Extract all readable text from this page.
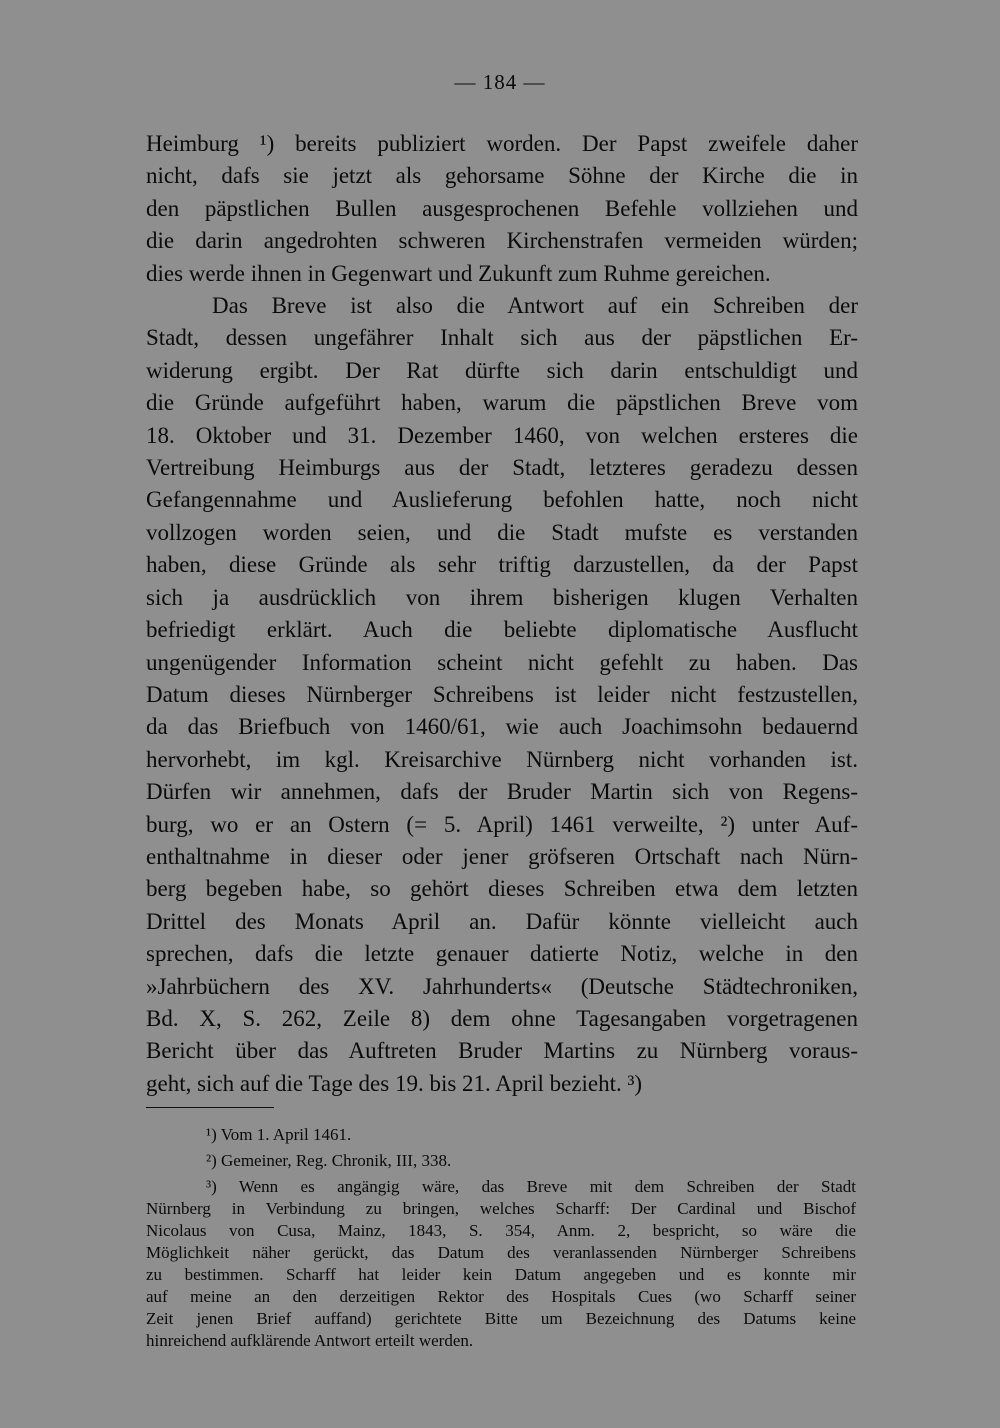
— 184 —
Heimburg ¹) bereits publiziert worden. Der Papst zweifele daher
nicht, dafs sie jetzt als gehorsame Söhne der Kirche die in
den päpstlichen Bullen ausgesprochenen Befehle vollziehen und
die darin angedrohten schweren Kirchenstrafen vermeiden würden;
dies werde ihnen in Gegenwart und Zukunft zum Ruhme gereichen.
Das Breve ist also die Antwort auf ein Schreiben der
Stadt, dessen ungefährer Inhalt sich aus der päpstlichen Er-
widerung ergibt. Der Rat dürfte sich darin entschuldigt und
die Gründe aufgeführt haben, warum die päpstlichen Breve vom
18. Oktober und 31. Dezember 1460, von welchen ersteres die
Vertreibung Heimburgs aus der Stadt, letzteres geradezu dessen
Gefangennahme und Auslieferung befohlen hatte, noch nicht
vollzogen worden seien, und die Stadt mufste es verstanden
haben, diese Gründe als sehr triftig darzustellen, da der Papst
sich ja ausdrücklich von ihrem bisherigen klugen Verhalten
befriedigt erklärt. Auch die beliebte diplomatische Ausflucht
ungenügender Information scheint nicht gefehlt zu haben. Das
Datum dieses Nürnberger Schreibens ist leider nicht festzustellen,
da das Briefbuch von 1460/61, wie auch Joachimsohn bedauernd
hervorhebt, im kgl. Kreisarchive Nürnberg nicht vorhanden ist.
Dürfen wir annehmen, dafs der Bruder Martin sich von Regens-
burg, wo er an Ostern (= 5. April) 1461 verweilte, ²) unter Auf-
enthaltnahme in dieser oder jener gröfseren Ortschaft nach Nürn-
berg begeben habe, so gehört dieses Schreiben etwa dem letzten
Drittel des Monats April an. Dafür könnte vielleicht auch
sprechen, dafs die letzte genauer datierte Notiz, welche in den
»Jahrbüchern des XV. Jahrhunderts« (Deutsche Städtechroniken,
Bd. X, S. 262, Zeile 8) dem ohne Tagesangaben vorgetragenen
Bericht über das Auftreten Bruder Martins zu Nürnberg voraus-
geht, sich auf die Tage des 19. bis 21. April bezieht. ³)
¹) Vom 1. April 1461.
²) Gemeiner, Reg. Chronik, III, 338.
³) Wenn es angängig wäre, das Breve mit dem Schreiben der Stadt
Nürnberg in Verbindung zu bringen, welches Scharff: Der Cardinal und Bischof
Nicolaus von Cusa, Mainz, 1843, S. 354, Anm. 2, bespricht, so wäre die
Möglichkeit näher gerückt, das Datum des veranlassenden Nürnberger Schreibens
zu bestimmen. Scharff hat leider kein Datum angegeben und es konnte mir
auf meine an den derzeitigen Rektor des Hospitals Cues (wo Scharff seiner
Zeit jenen Brief auffand) gerichtete Bitte um Bezeichnung des Datums keine
hinreichend aufklärende Antwort erteilt werden.
